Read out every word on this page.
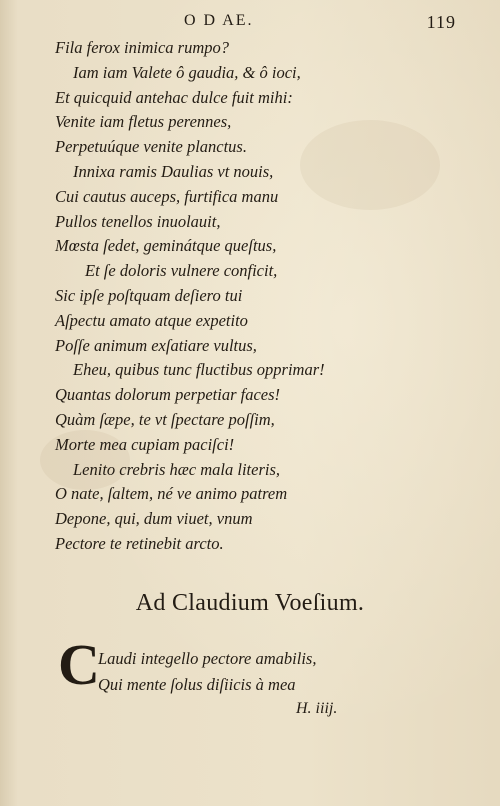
O D AE.	119
Fila ferox inimica rumpo?
Iam iam Valete ô gaudia, & ô ioci,
Et quicquid antehac dulce fuit mihi:
Venite iam fletus perennes,
Perpetuúque venite planctus.
Innixa ramis Daulias vt nouis,
Cui cautus auceps, furtifica manu
Pullos tenellos inuolauit,
Mœsta ſedet, geminátque queſtus,
Et ſe doloris vulnere conficit,
Sic ipſe poſtquam deſiero tui
Aſpectu amato atque expetito
Poſſe animum exſatiare vultus,
Eheu, quibus tunc fluctibus opprimar!
Quantas dolorum perpetiar faces!
Quàm ſæpe, te vt ſpectare poſſim,
Morte mea cupiam paciſci!
Lenito crebris hæc mala literis,
O nate, ſaltem, né ve animo patrem
Depone, qui, dum viuet, vnum
Pectore te retinebit arcto.
Ad Claudium Voeſium.
C
Laudi integello pectore amabilis,
Qui mente ſolus diſiicis à mea
H. iiij.
